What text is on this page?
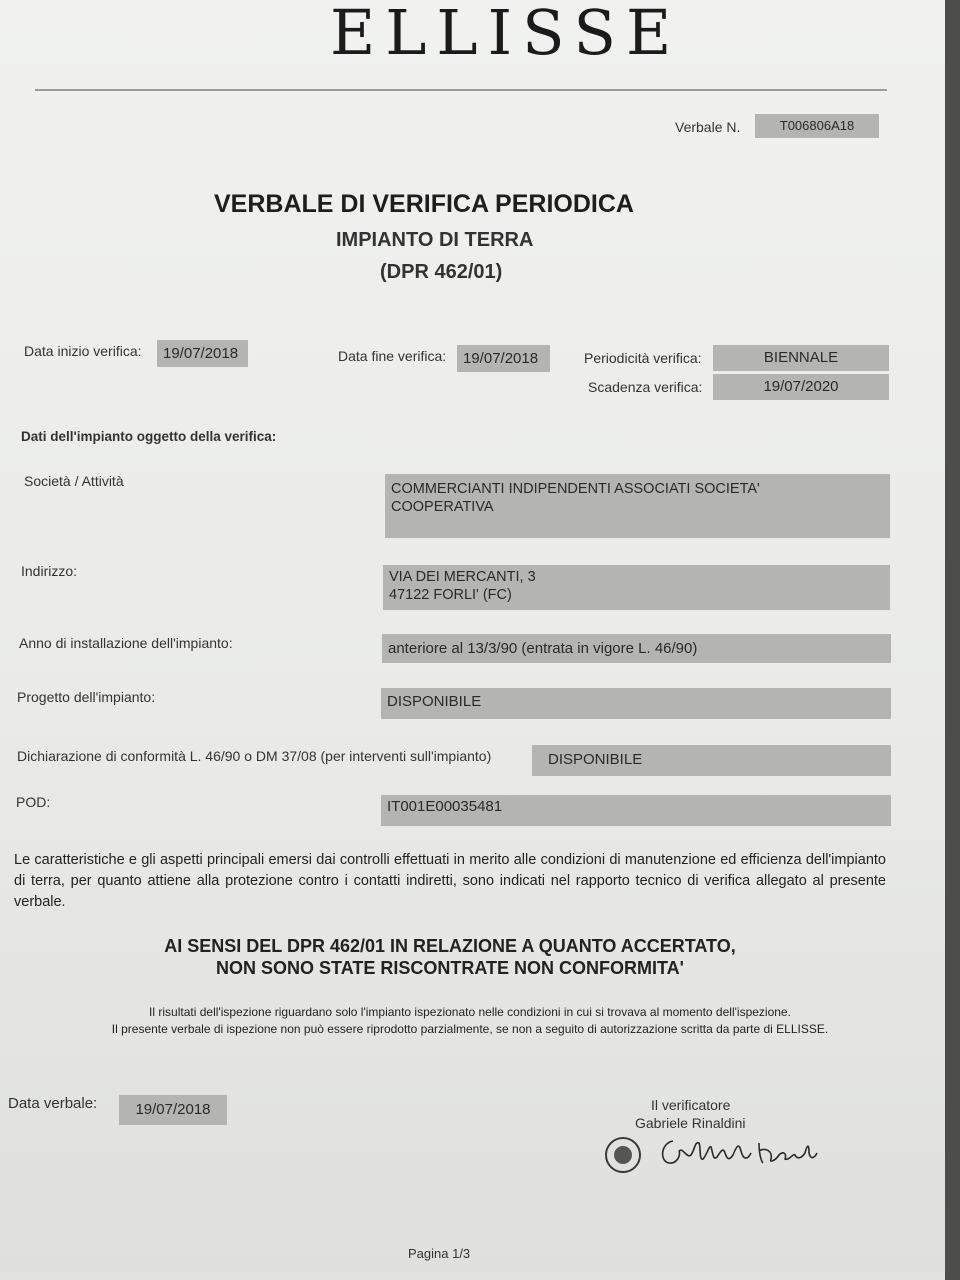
ELLISSE
Verbale N.	T006806A18
VERBALE DI VERIFICA PERIODICA
IMPIANTO DI TERRA
(DPR 462/01)
Data inizio verifica:	19/07/2018	Data fine verifica:	19/07/2018	Periodicità verifica:	BIENNALE
Scadenza verifica:	19/07/2020
Dati dell'impianto oggetto della verifica:
Società / Attività	COMMERCIANTI INDIPENDENTI ASSOCIATI SOCIETA'
COOPERATIVA
Indirizzo:	VIA DEI MERCANTI, 3
47122 FORLI' (FC)
Anno di installazione dell'impianto:	anteriore al 13/3/90 (entrata in vigore L. 46/90)
Progetto dell'impianto:	DISPONIBILE
Dichiarazione di conformità L. 46/90 o DM 37/08 (per interventi sull'impianto)	DISPONIBILE
POD:	IT001E00035481
Le caratteristiche e gli aspetti principali emersi dai controlli effettuati in merito alle condizioni di manutenzione ed efficienza dell'impianto di terra, per quanto attiene alla protezione contro i contatti indiretti, sono indicati nel rapporto tecnico di verifica allegato al presente verbale.
AI SENSI DEL DPR 462/01 IN RELAZIONE A QUANTO ACCERTATO,
NON SONO STATE RISCONTRATE NON CONFORMITA'
Il risultati dell'ispezione riguardano solo l'impianto ispezionato nelle condizioni in cui si trovava al momento dell'ispezione.
Il presente verbale di ispezione non può essere riprodotto parzialmente, se non a seguito di autorizzazione scritta da parte di ELLISSE.
Data verbale:	19/07/2018	Il verificatore
Gabriele Rinaldini
Pagina 1/3
